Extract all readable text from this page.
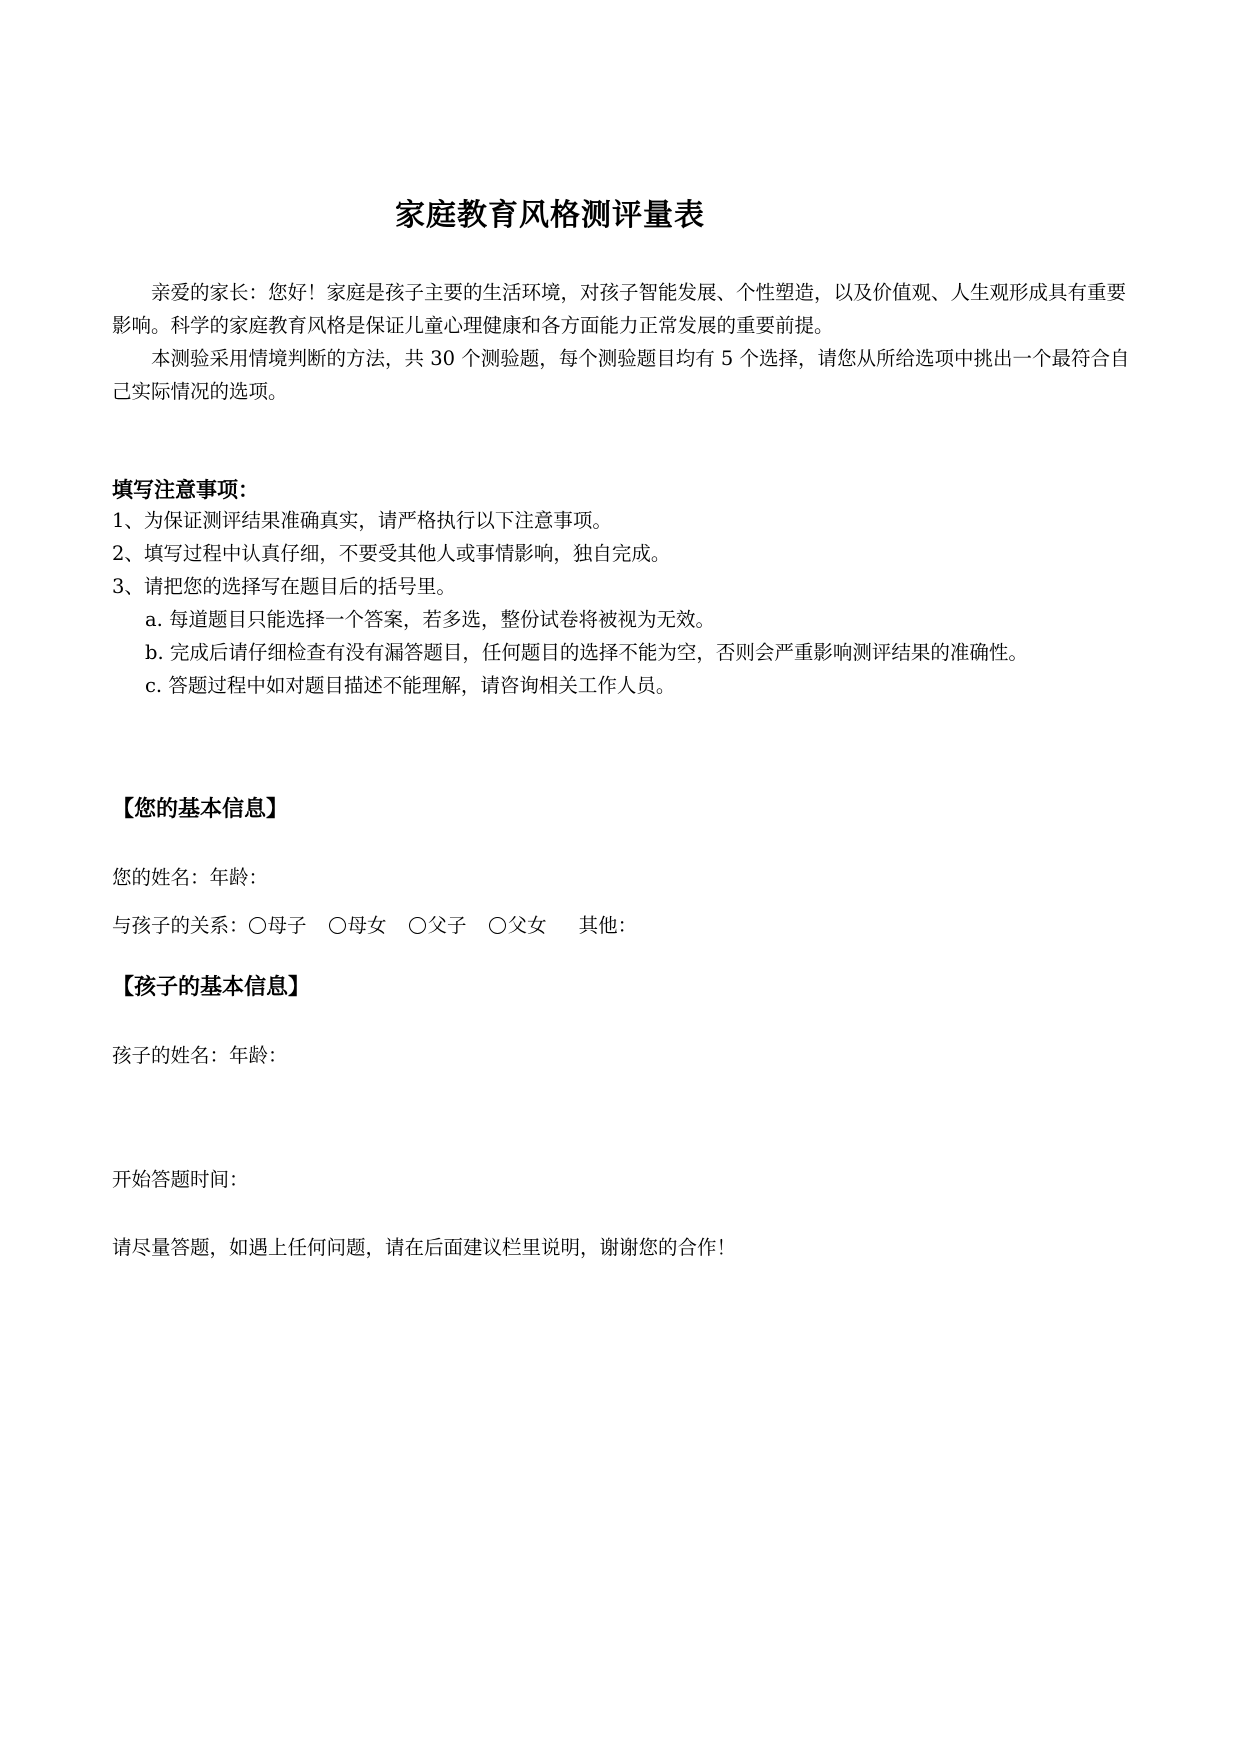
家庭教育风格测评量表

亲爱的家长：您好！家庭是孩子主要的生活环境，对孩子智能发展、个性塑造，以及价值观、人生观形成具有重要影响。科学的家庭教育风格是保证儿童心理健康和各方面能力正常发展的重要前提。

本测验采用情境判断的方法，共 30 个测验题，每个测验题目均有 5 个选择，请您从所给选项中挑出一个最符合自己实际情况的选项。

填写注意事项：
1、为保证测评结果准确真实，请严格执行以下注意事项。
2、填写过程中认真仔细，不要受其他人或事情影响，独自完成。
3、请把您的选择写在题目后的括号里。
a. 每道题目只能选择一个答案，若多选，整份试卷将被视为无效。
b. 完成后请仔细检查有没有漏答题目，任何题目的选择不能为空，否则会严重影响测评结果的准确性。
c. 答题过程中如对题目描述不能理解，请咨询相关工作人员。
【您的基本信息】
您的姓名：年龄：
与孩子的关系： 母子 母女 父子 父女 其他：
【孩子的基本信息】
孩子的姓名：年龄：
开始答题时间：
请尽量答题，如遇上任何问题，请在后面建议栏里说明，谢谢您的合作！
